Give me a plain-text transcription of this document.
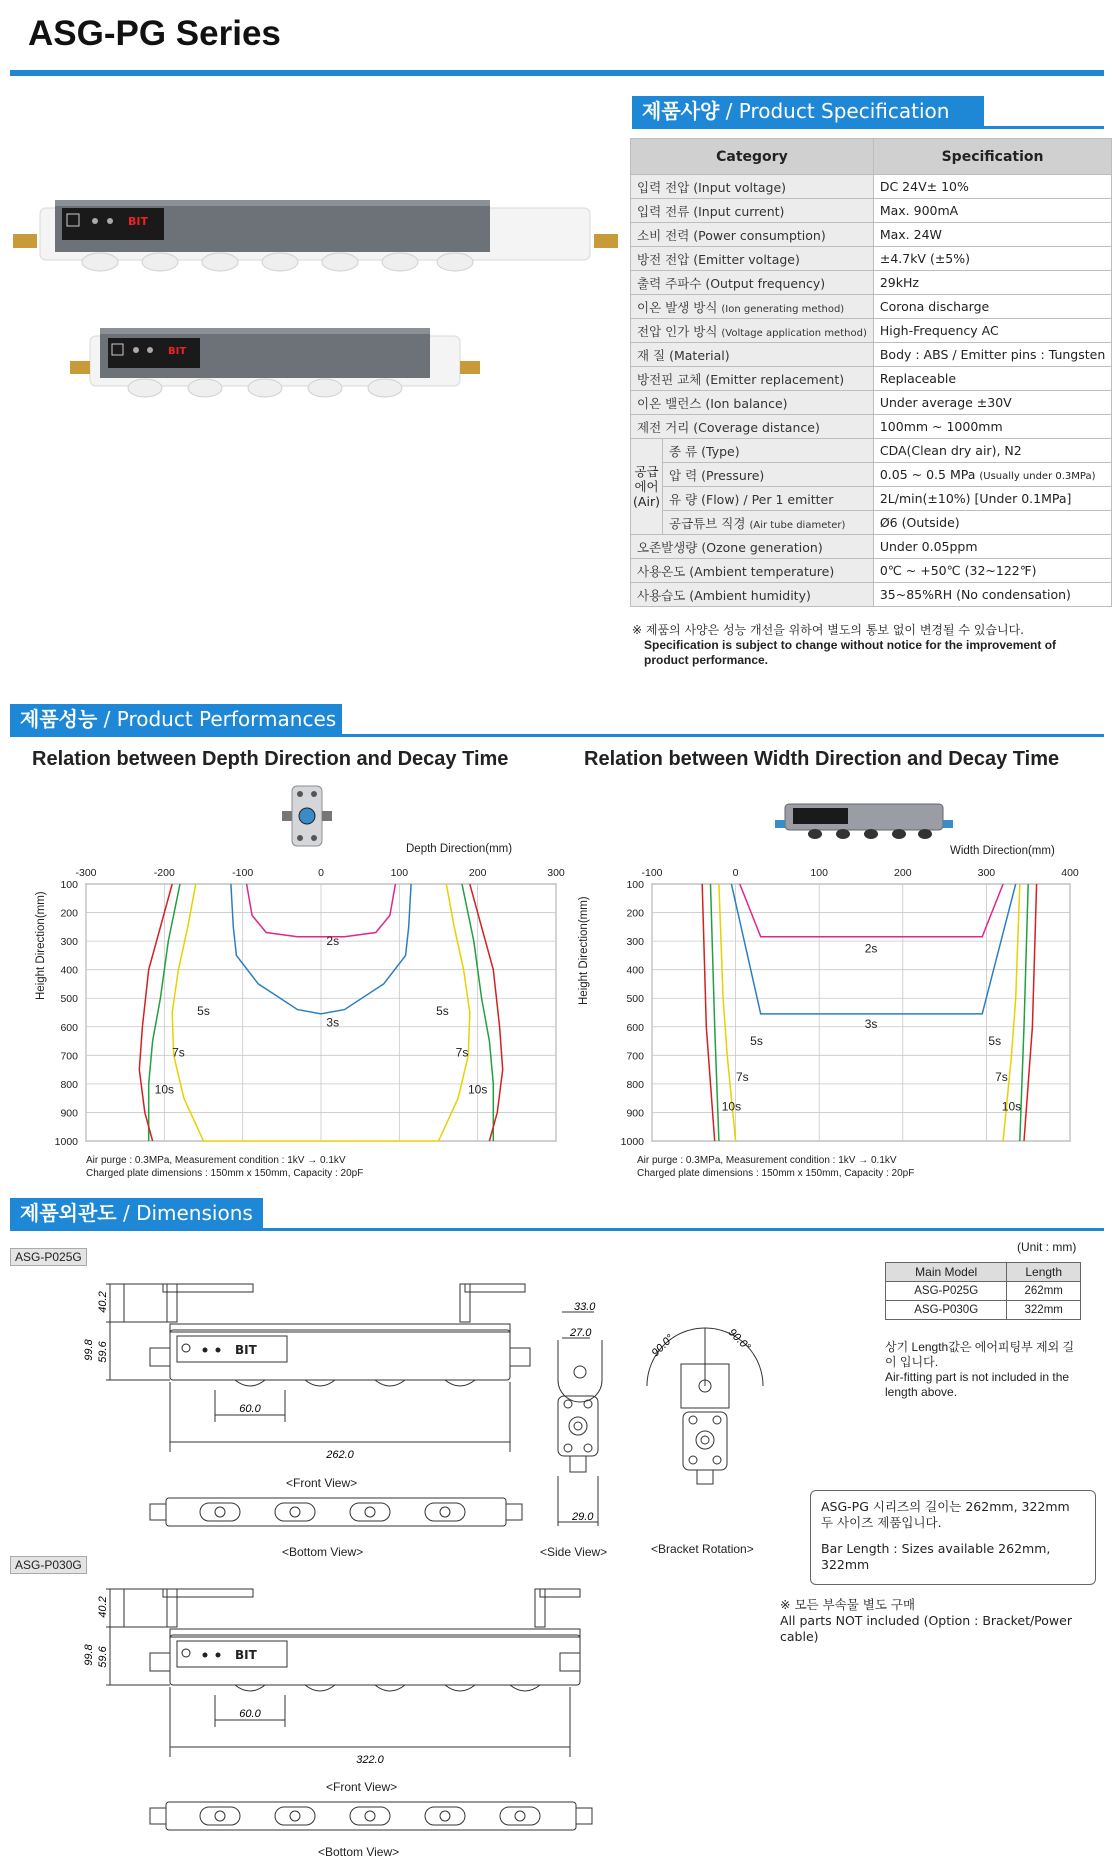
ASG-PG Series
BIT
BIT
제품사양 / Product Specification
Category		Specification
입력 전압 (Input voltage)		DC 24V± 10%
입력 전류 (Input current)		Max. 900mA
소비 전력 (Power consumption)		Max. 24W
방전 전압 (Emitter voltage)		±4.7kV (±5%)
출력 주파수 (Output frequency)		29kHz
이온 발생 방식 (Ion generating method)		Corona discharge
전압 인가 방식 (Voltage application method)		High-Frequency AC
재 질 (Material)		Body : ABS / Emitter pins : Tungsten
방전핀 교체 (Emitter replacement)		Replaceable
이온 밸런스 (Ion balance)		Under average ±30V
제전 거리 (Coverage distance)		100mm ~ 1000mm
공급
에어
(Air)	종 류 (Type)	CDA(Clean dry air), N2
	압 력 (Pressure)	0.05 ~ 0.5 MPa (Usually under 0.3MPa)
	유 량 (Flow) / Per 1 emitter	2L/min(±10%) [Under 0.1MPa]
	공급튜브 직경 (Air tube diameter)	Ø6 (Outside)
오존발생량 (Ozone generation)		Under 0.05ppm
사용온도 (Ambient temperature)		0℃ ~ +50℃ (32~122℉)
사용습도 (Ambient humidity)		35~85%RH (No condensation)
※ 제품의 사양은 성능 개선을 위하여 별도의 통보 없이 변경될 수 있습니다.
Specification is subject to change without notice for the improvement of product performance.
제품성능 / Product Performances
Relation between Depth Direction and Decay Time
Depth Direction(mm)
Height Direction(mm)
-300	-200	-100	0	100	200	300
100
200
300
400
500
600
700
800
900
1000
2s
3s
5s	5s
7s	7s
10s	10s
Air purge : 0.3MPa, Measurement condition : 1kV → 0.1kV
Charged plate dimensions : 150mm x 150mm, Capacity : 20pF
Relation between Width Direction and Decay Time
Width Direction(mm)
Height Direction(mm)
-100	0	100	200	300	400
100
200
300
400
500
600
700
800
900
1000
2s
3s
5s	5s
7s	7s
10s	10s
Air purge : 0.3MPa, Measurement condition : 1kV → 0.1kV
Charged plate dimensions : 150mm x 150mm, Capacity : 20pF
제품외관도 / Dimensions
ASG-P025G
BIT
99.8
40.2
59.6
60.0
262.0
<Front View>
<Bottom View>
33.0
27.0
29.0
<Side View>
90.0°	90.0°
<Bracket Rotation>
(Unit : mm)
Main Model	Length
ASG-P025G	262mm
ASG-P030G	322mm
상기 Length값은 에어피팅부 제외 길이 입니다.
Air-fitting part is not included in the length above.
ASG-PG 시리즈의 길이는 262mm, 322mm 두 사이즈 제품입니다.
Bar Length : Sizes available 262mm, 322mm
※ 모든 부속물 별도 구매
All parts NOT included (Option : Bracket/Power cable)
ASG-P030G
BIT
99.8
40.2
59.6
60.0
322.0
<Front View>
<Bottom View>
